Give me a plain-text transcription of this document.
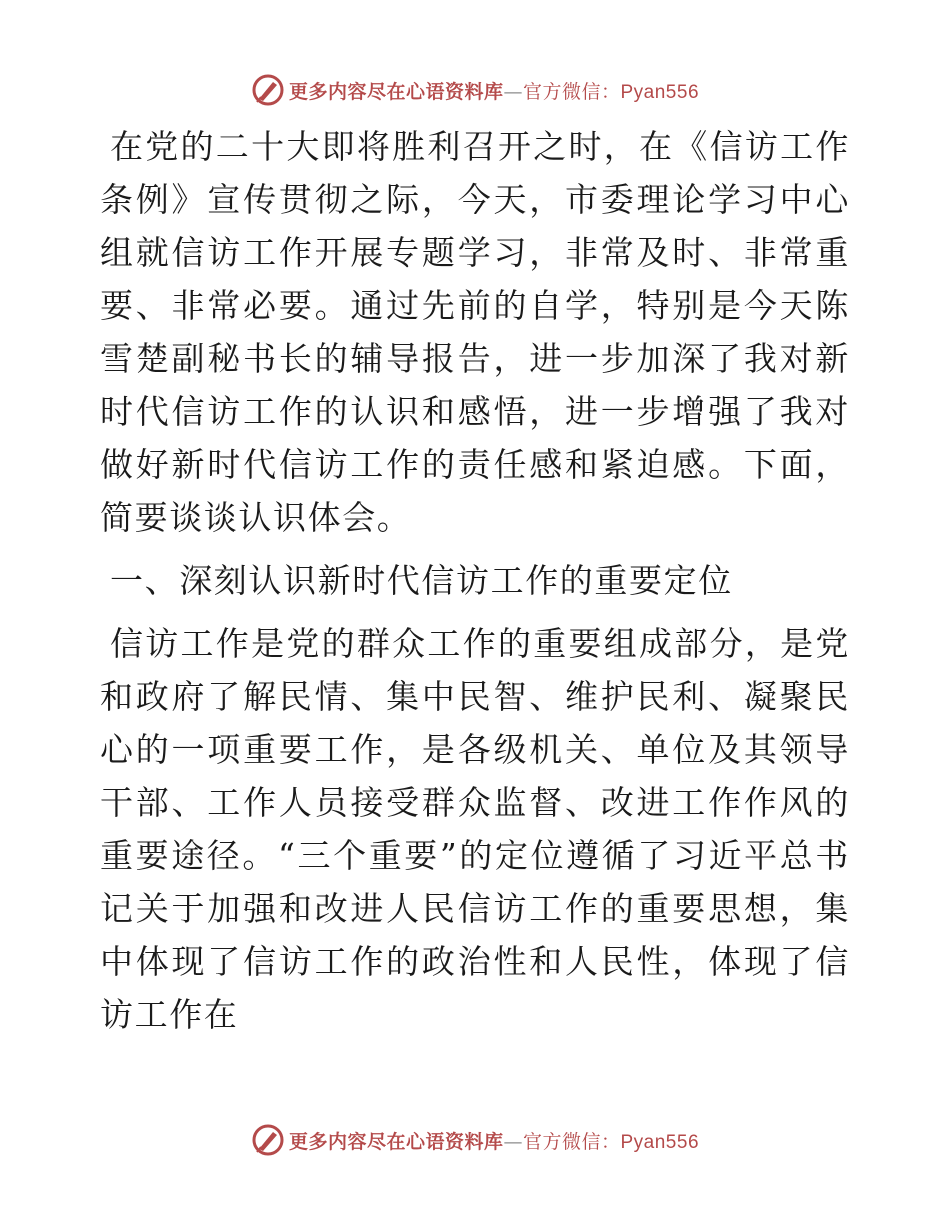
更多内容尽在心语资料库—官方微信：Pyan556

在党的二十大即将胜利召开之时，在《信访工作条例》宣传贯彻之际，今天，市委理论学习中心组就信访工作开展专题学习，非常及时、非常重要、非常必要。通过先前的自学，特别是今天陈雪楚副秘书长的辅导报告，进一步加深了我对新时代信访工作的认识和感悟，进一步增强了我对做好新时代信访工作的责任感和紧迫感。下面，简要谈谈认识体会。

一、深刻认识新时代信访工作的重要定位

信访工作是党的群众工作的重要组成部分，是党和政府了解民情、集中民智、维护民利、凝聚民心的一项重要工作，是各级机关、单位及其领导干部、工作人员接受群众监督、改进工作作风的重要途径。“三个重要”的定位遵循了习近平总书记关于加强和改进人民信访工作的重要思想，集中体现了信访工作的政治性和人民性，体现了信访工作在

更多内容尽在心语资料库—官方微信：Pyan556
